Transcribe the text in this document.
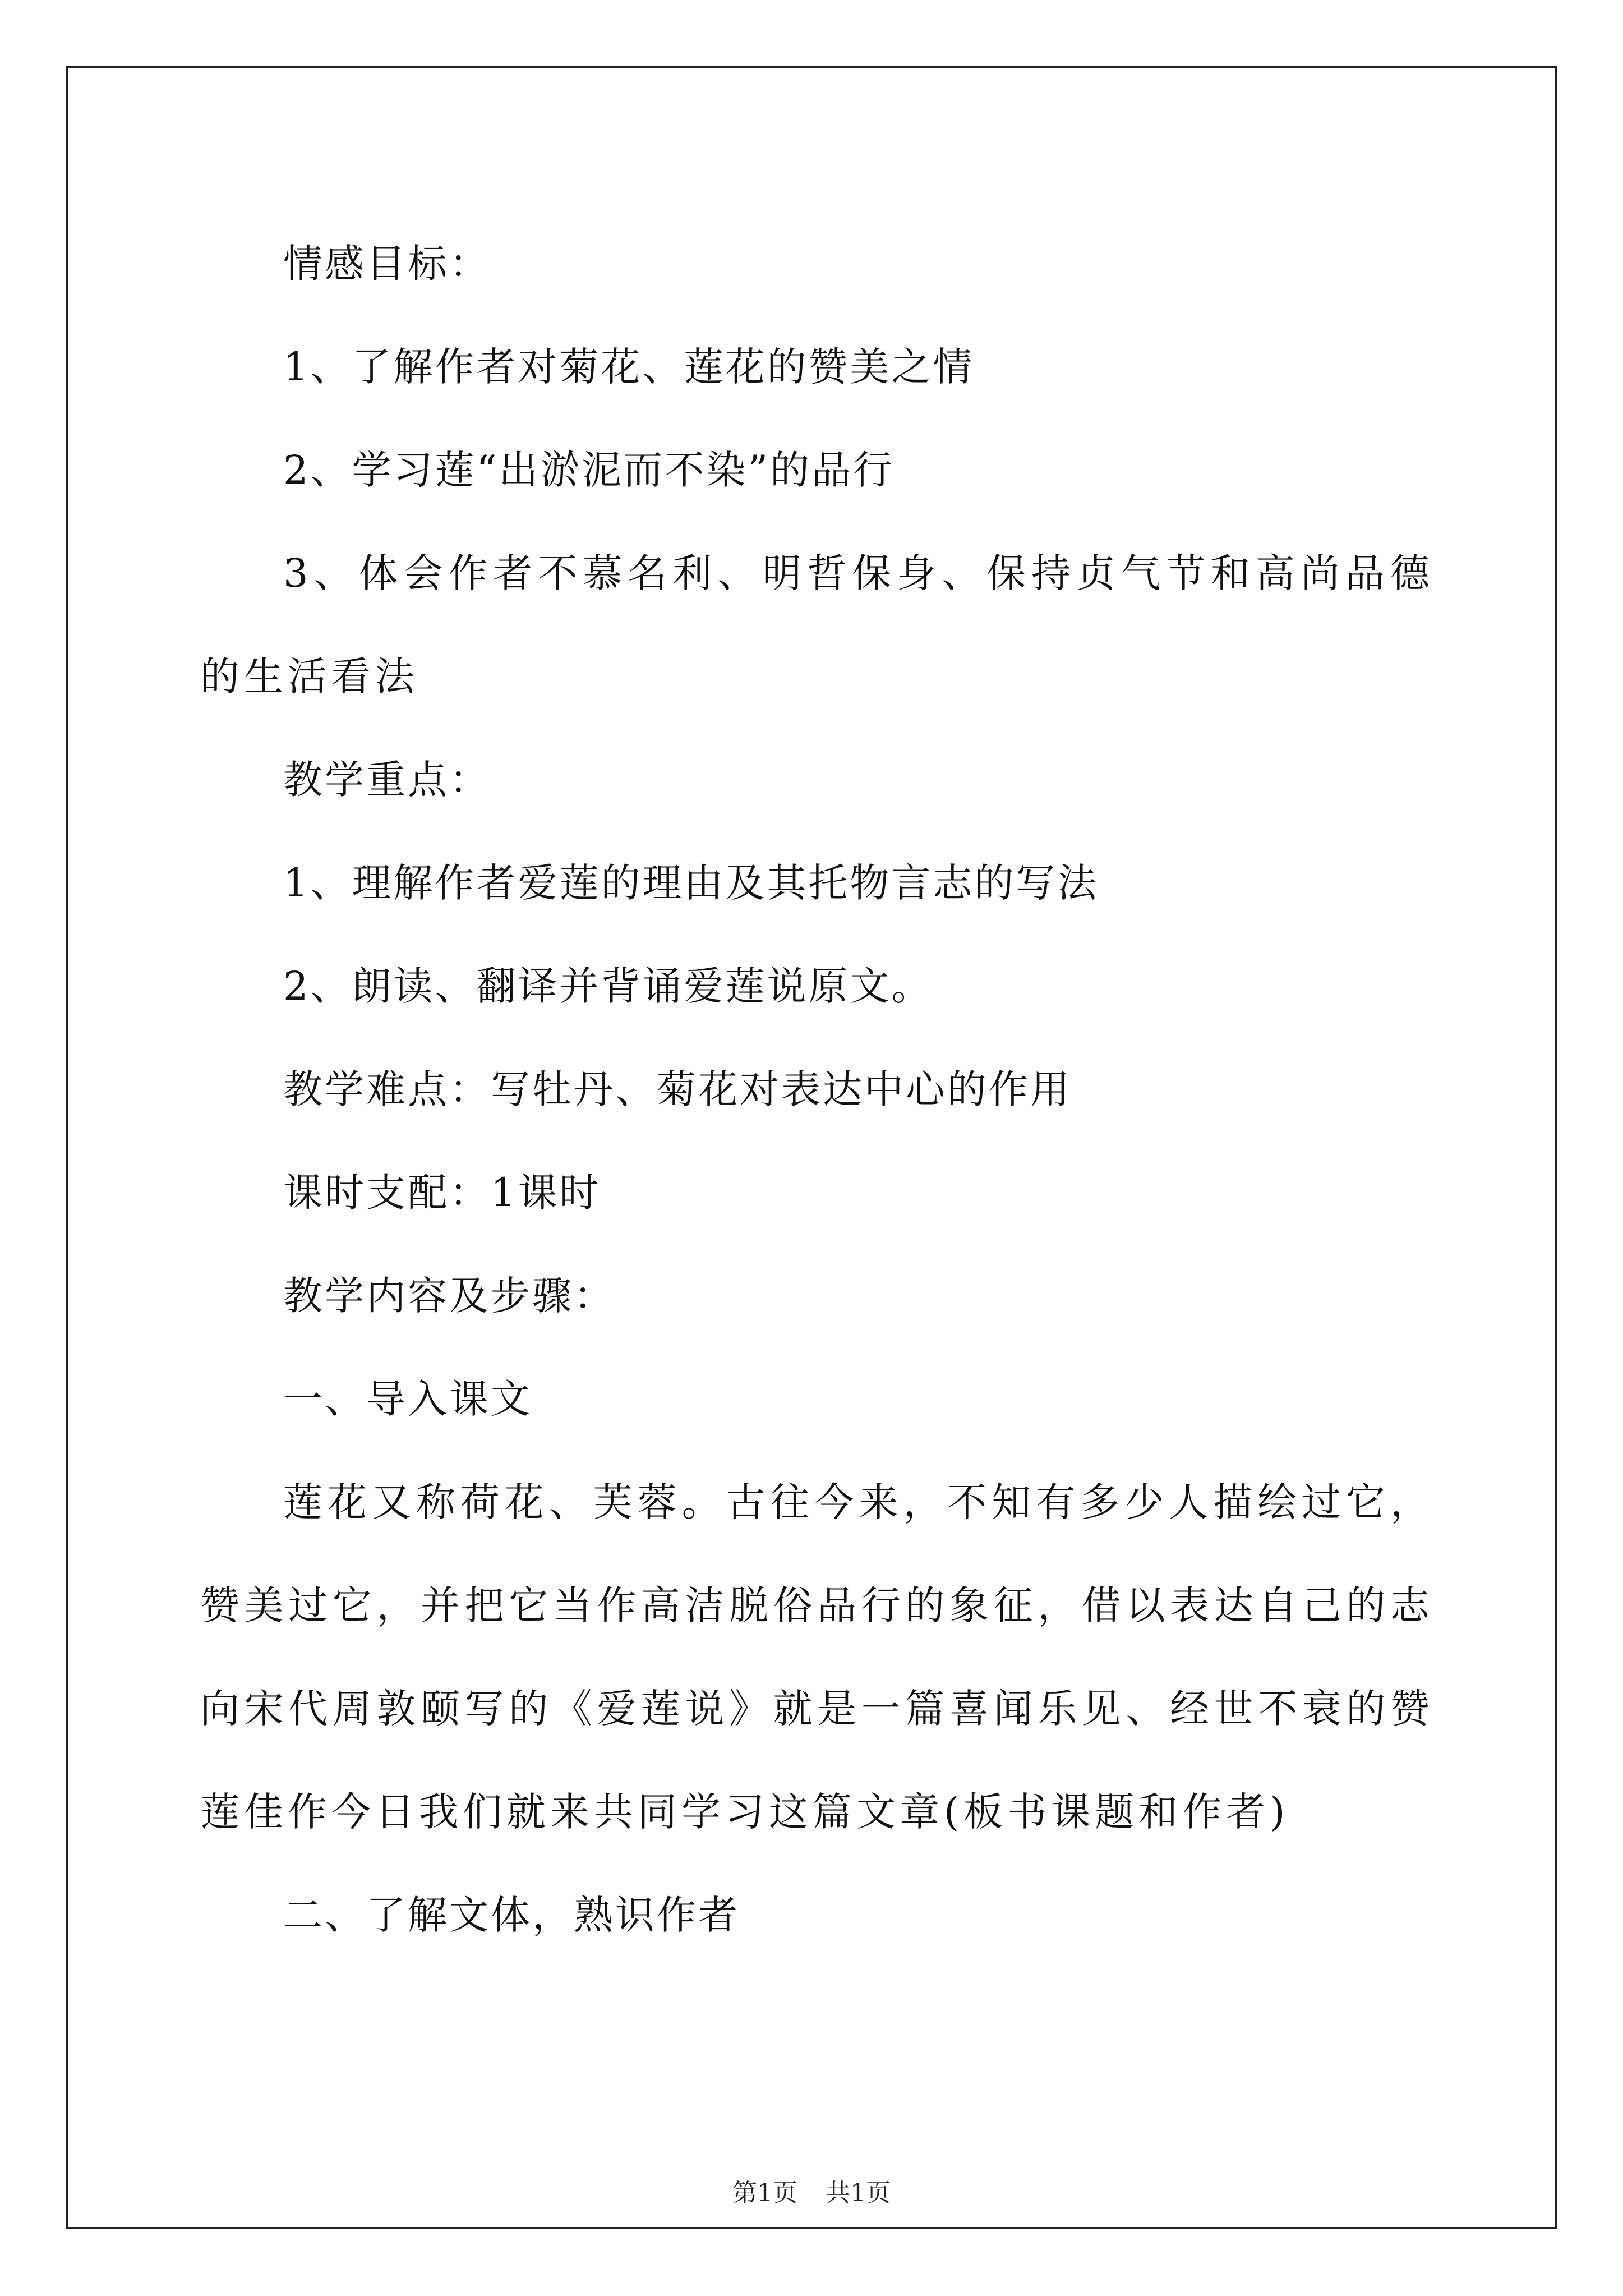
情感目标：

1、了解作者对菊花、莲花的赞美之情

2、学习莲“出淤泥而不染”的品行

3、体会作者不慕名利、明哲保身、保持贞气节和高尚品德的生活看法

教学重点：

1、理解作者爱莲的理由及其托物言志的写法

2、朗读、翻译并背诵爱莲说原文。

教学难点：写牡丹、菊花对表达中心的作用

课时支配：1课时

教学内容及步骤：

一、导入课文

莲花又称荷花、芙蓉。古往今来，不知有多少人描绘过它，赞美过它，并把它当作高洁脱俗品行的象征，借以表达自己的志向宋代周敦颐写的《爱莲说》就是一篇喜闻乐见、经世不衰的赞莲佳作今日我们就来共同学习这篇文章(板书课题和作者)

二、了解文体，熟识作者

第1页 共1页
